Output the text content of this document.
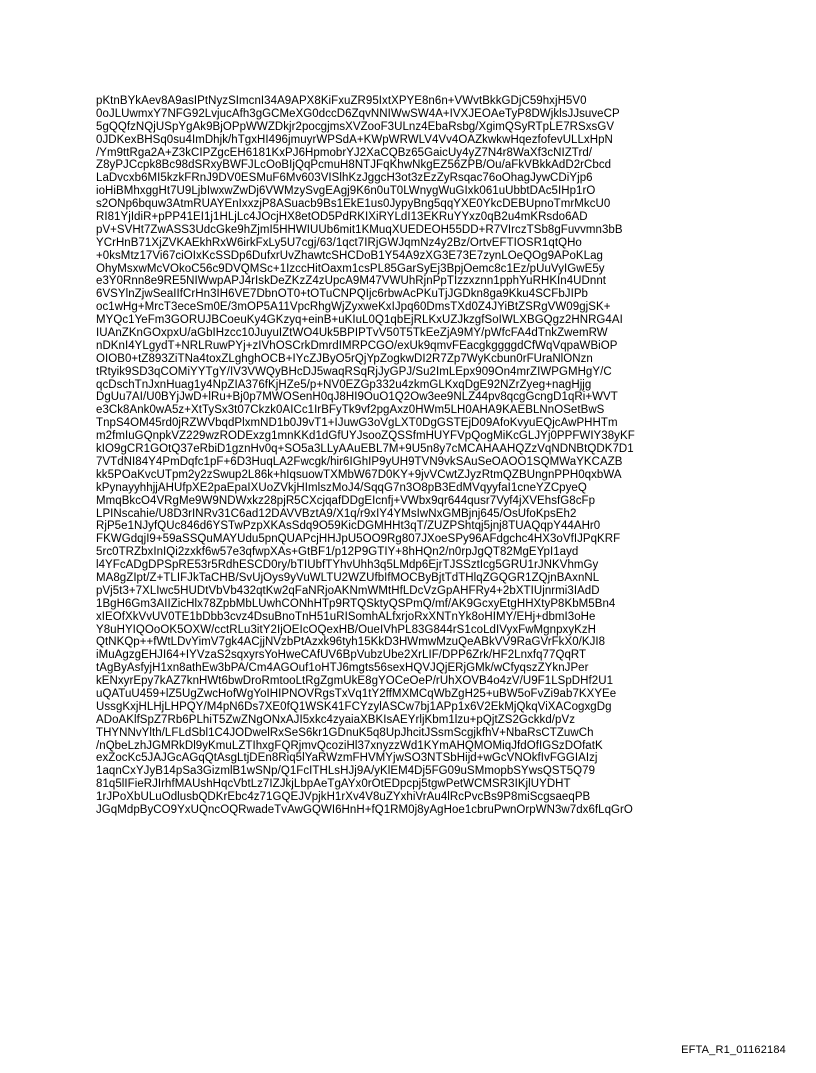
pKtnBYkAev8A9asIPtNyzSImcnI34A9APX8KiFxuZR95IxtXPYE8n6n+VWvtBkkGDjC59hxjH5V0
0oJLUwmxY7NFG92LvjucAfh3gGCMeXG0dccD6ZqvNNIWwSW4A+IVXJEOAeTyP8DWjklsJJsuveCP
5gQQfzNQjUSpYgAk9BjOPpWWZDkjr2pocgjmsXVZooF3ULnz4EbaRsbg/XgimQSyRTpLE7RSxsGV
0JDKexBHSq0su4ImDhjk/hTgxHI496jmuyrWPSdA+KWpWRWLV4Vv4OAZkwkwHqezfofevULLxHpN
/Ym9ttRga2A+Z3kCIPZgcEH6181KxPJ6HpmobrYJ2XaCQBz65GaicUy4yZ7N4r8WaXf3cNIZTrd/
Z8yPJCcpk8Bc98dSRxyBWFJLcOoBIjQqPcmuH8NTJFqKhwNkgEZ56ZPB/Ou/aFkVBkkAdD2rCbcd
LaDvcxb6MI5kzkFRnJ9DV0ESMuF6Mv603VISlhKzJggcH3ot3zEzZyRsqac76oOhagJywCDiYjp6
ioHiBMhxggHt7U9LjbIwxwZwDj6VWMzySvgEAgj9K6n0uT0LWnygWuGIxk061uUbbtDAc5IHp1rO
s2ONp6bquw3AtmRUAYEnIxxzjP8ASuacb9Bs1EkE1us0JypyBng5qqYXE0YkcDEBUpnoTmrMkcU0
RI81YjIdiR+pPP41EI1j1HLjLc4JOcjHX8etOD5PdRKIXiRYLdI13EKRuYYxz0qB2u4mKRsdo6AD
pV+SVHt7ZwASS3UdcGke9hZjmI5HHWIUUb6mit1KMuqXUEDEOH55DD+R7VIrczTSb8gFuvvmn3bB
YCrHnB71XjZVKAEkhRxW6irkFxLy5U7cgj/63/1qct7IRjGWJqmNz4y2Bz/OrtvEFTIOSR1qtQHo
+0ksMtz17Vi67ciOIxKcSSDp6DufxrUvZhawtcSHCDoB1Y54A9zXG3E73E7zynLOeQOg9APoKLag
OhyMsxwMcVOkoC56c9DVQMSc+1IzccHitOaxm1csPL85GarSyEj3BpjOemc8c1Ez/pUuVyIGwE5y
e3Y0Rnn8e9RE5NIWwpAPJ4rIskDeZKzZ4zUpcA9M47VWUhRjnPpTIzzxznn1pphYuRHKIn4UDnnt
6VSYlnZjwSeaIIfCrHn3IH6VE7DbnOT0+tOTuCNPQIjc6rbwAcPKuTjJGDkn8ga9Kku4SCFbJIPb
oc1wHg+MrcT3eceSm0E/3mOP5A11VpcRhgWjZyxweKxIJpq60DmsTXd0Z4JYiBtZSRgVW09gjSK+
MYQc1YeFm3GORUJBCoeuKy4GKzyq+einB+uKIuL0Q1qbEjRLKxUZJkzgfSoIWLXBGQgz2HNRG4AI
IUAnZKnGOxpxU/aGbIHzcc10JuyuIZtWO4Uk5BPIPTvV50T5TkEeZjA9MY/pWfcFA4dTnkZwemRW
nDKnI4YLgydT+NRLRuwPYj+zIVhOSCrkDmrdIMRPCGO/exUk9qmvFEacgkggggdCfWqVqpaWBiOP
OIOB0+tZ893ZiTNa4toxZLghghOCB+IYcZJByO5rQjYpZogkwDI2R7Zp7WyKcbun0rFUraNlONzn
tRtyik9SD3qCOMiYYTgY/IV3VWQyBHcDJ5waqRSqRjJyGPJ/Su2ImLEpx909On4mrZIWPGMHgY/C
qcDschTnJxnHuag1y4NpZIA376fKjHZe5/p+NV0EZGp332u4zkmGLKxqDgE92NZrZyeg+nagHjjg
DgUu7AI/U0BYjJwD+lRu+Bj0p7MWOSenH0qJ8HI9OuO1Q2Ow3ee9NLZ44pv8qcgGcngD1qRi+WVT
e3Ck8Ank0wA5z+XtTySx3t07Ckzk0AICc1IrBFyTk9vf2pgAxz0HWm5LH0AHA9KAEBLNnOSetBwS
TnpS4OM45rd0jRZWVbqdPlxmND1b0J9vT1+IJuwG3oVgLXT0DgGSTEjD09AfoKvyuEQjcAwPHHTm
m2fmIuGQnpkVZ229wzRODExzg1mnKKd1dGfUYJsooZQSSfmHUYFVpQogMiKcGLJYj0PPFWIY38yKF
kIO9gCR1GOtQ37eRbiD1gznHv0q+SO5a3LLyAAuEBL7M+9U5n8y7cMCAHAAHQZzVqNDNBtQDK7D1
7VTdNI84Y4PmDqfc1pF+6D3HuqLA2Fwcgk/hir6IGhIP9yUH9TVN9vkSAuSeOAOO1SQMWaYKCAZB
kk5POaKvcUTpm2y2zSwup2L86k+hIqsuowTXMbW67D0KY+9jvVCwtZJyzRtmQZBUngnPPH0qxbWA
kPynayyhhjjAHUfpXE2paEpaIXUoZVkjHImlszMoJ4/SqqG7n3O8pB3EdMVqyyfaI1cneYZCpyeQ
MmqBkcO4VRgMe9W9NDWxkz28pjR5CXcjqafDDgEIcnfj+VWbx9qr644qusr7Vyf4jXVEhsfG8cFp
LPINscahie/U8D3rINRv31C6ad12DAVVBztA9/X1q/r9xIY4YMsIwNxGMBjnj645/OsUfoKpsEh2
RjP5e1NJyfQUc846d6YSTwPzpXKAsSdq9O59KicDGMHHt3qT/ZUZPShtqj5jnj8TUAQqpY44AHr0
FKWGdqjI9+59aSSQuMAYUdu5pnQUAPcjHHJpU5OO9Rg807JXoeSPy96AFdgchc4HX3oVfIJPqKRF
5rc0TRZbxInIQi2zxkf6w57e3qfwpXAs+GtBF1/p12P9GTIY+8hHQn2/n0rpJgQT82MgEYpI1ayd
l4YFcADgDPSpRE53r5RdhESCD0ry/bTIUbfTYhvUhh3q5LMdp6EjrTJSSztIcg5GRU1rJNKVhmGy
MA8gZIpt/Z+TLIFJkTaCHB/SvUjOys9yVuWLTU2WZUfbIfMOCByBjtTdTHlqZGQGR1ZQjnBAxnNL
pVj5t3+7XLIwc5HUDtVbVb432qtKw2qFaNRjoAKNmWMtHfLDcVzGpAHFRy4+2bXTIUjnrmi3IAdD
1BgH6Gm3AIIZicHlx78ZpbMbLUwhCONhHTp9RTQSktyQSPmQ/mf/AK9GcxyEtgHHXtyP8KbM5Bn4
xIEOfXkVvUV0TE1bDbb3cvz4DsuBnoTnH51uRISomhALfxrjoRxXNTnYk8oHIMY/EHj+dbmI3oHe
Y8uHYIQOoOK5OXW/cctRLu3itY2IjOEIcOQexHB/OueIVhPL83G844rS1coLdIVyxFwMgnpxyKzH
QtNKQp++fWtLDvYimV7gk4ACjjNVzbPtAzxk96tyh15KkD3HWmwMzuQeABkVV9RaGVrFkX0/KJI8
iMuAgzgEHJI64+IYVzaS2sqxyrsYoHweCAfUV6BpVubzUbe2XrLIF/DPP6Zrk/HF2Lnxfq77QqRT
tAgByAsfyjH1xn8athEw3bPA/Cm4AGOuf1oHTJ6mgts56sexHQVJQjERjGMk/wCfyqszZYknJPer
kENxyrEpy7kAZ7knHWt6bwDroRmtooLtRgZgmUkE8gYOCeOeP/rUhXOVB4o4zV/U9F1LSpDHf2U1
uQATuU459+lZ5UgZwcHofWgYoIHIPNOVRgsTxVq1tY2ffMXMCqWbZgH25+uBW5oFvZi9ab7KXYEe
UssgKxjHLHjLHPQY/M4pN6Ds7XE0fQ1WSK41FCYzylASCw7bj1APp1x6V2EkMjQkqViXACogxgDg
ADoAKlfSpZ7Rb6PLhiT5ZwZNgONxAJI5xkc4zyaiaXBKIsAEYrljKbm1lzu+pQjtZS2Gckkd/pVz
THYNNvYlth/LFLdSbl1C4JODwelRxSeS6kr1GDnuK5q8UpJhcitJSsmScgjkfhV+NbaRsCTZuwCh
/nQbeLzhJGMRkDl9yKmuLZTIhxgFQRjmvQcoziHl37xnyzzWd1KYmAHQMOMiqJfdOfIGSzDOfatK
exZocKc5JAJGcAGqQtAsgLtjDEn8Riq5lYaRWzmFHVMYjwSO3NTSbHijd+wGcVNOkfIvFGGIAIzj
1aqnCxYJyB14pSa3GizmlB1wSNp/Q1FcITHLsHJj9A/yKlEM4Dj5FG09uSMmopbSYwsQST5Q79
81q5lIFieRJIrhfMAUshHqcVbtLz7IZJkjLbpAeTgAYx0rOtEDpcpj5tgwPetWCMSR3IKjlUYDHT
1rJPoXbULuOdlusbQDKrEbc4z71GQEJVpjkH1rXv4V8uZYxhiVrAu4lRcPvcBs9P8miScgsaeqPB
JGqMdpByCO9YxUQncOQRwadeTvAwGQWI6HnH+fQ1RM0j8yAgHoe1cbruPwnOrpWN3w7dx6fLqGrO
EFTA_R1_01162184
